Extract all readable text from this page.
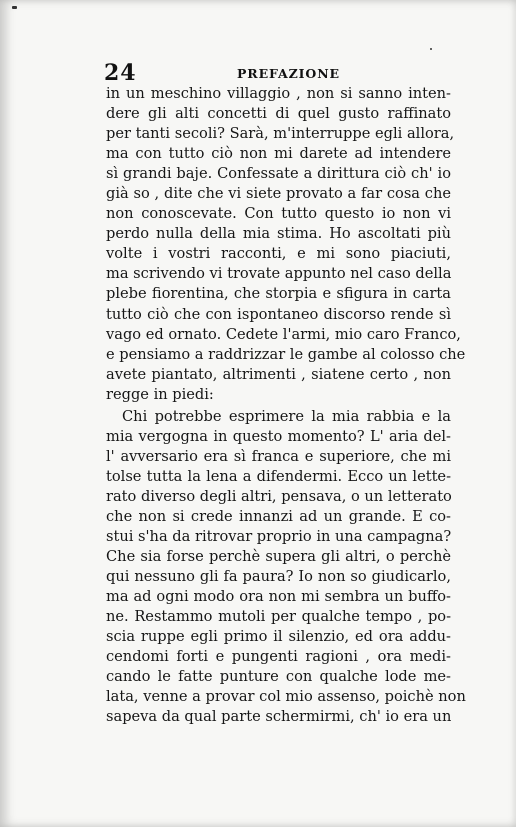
24	PREFAZIONE
in un meschino villaggio , non si sanno inten-
dere gli alti concetti di quel gusto raffinato
per tanti secoli? Sarà, m'interruppe egli allora,
ma con tutto ciò non mi darete ad intendere
sì grandi baje. Confessate a dirittura ciò ch' io
già so , dite che vi siete provato a far cosa che
non conoscevate. Con tutto questo io non vi
perdo nulla della mia stima. Ho ascoltati più
volte i vostri racconti, e mi sono piaciuti,
ma scrivendo vi trovate appunto nel caso della
plebe fiorentina, che storpia e sfigura in carta
tutto ciò che con ispontaneo discorso rende sì
vago ed ornato. Cedete l'armi, mio caro Franco,
e pensiamo a raddrizzar le gambe al colosso che
avete piantato, altrimenti , siatene certo , non
regge in piedi:
Chi potrebbe esprimere la mia rabbia e la
mia vergogna in questo momento? L' aria del-
l' avversario era sì franca e superiore, che mi
tolse tutta la lena a difendermi. Ecco un lette-
rato diverso degli altri, pensava, o un letterato
che non si crede innanzi ad un grande. E co-
stui s'ha da ritrovar proprio in una campagna?
Che sia forse perchè supera gli altri, o perchè
qui nessuno gli fa paura? Io non so giudicarlo,
ma ad ogni modo ora non mi sembra un buffo-
ne. Restammo mutoli per qualche tempo , po-
scia ruppe egli primo il silenzio, ed ora addu-
cendomi forti e pungenti ragioni , ora medi-
cando le fatte punture con qualche lode me-
lata, venne a provar col mio assenso, poichè non
sapeva da qual parte schermirmi, ch' io era un
